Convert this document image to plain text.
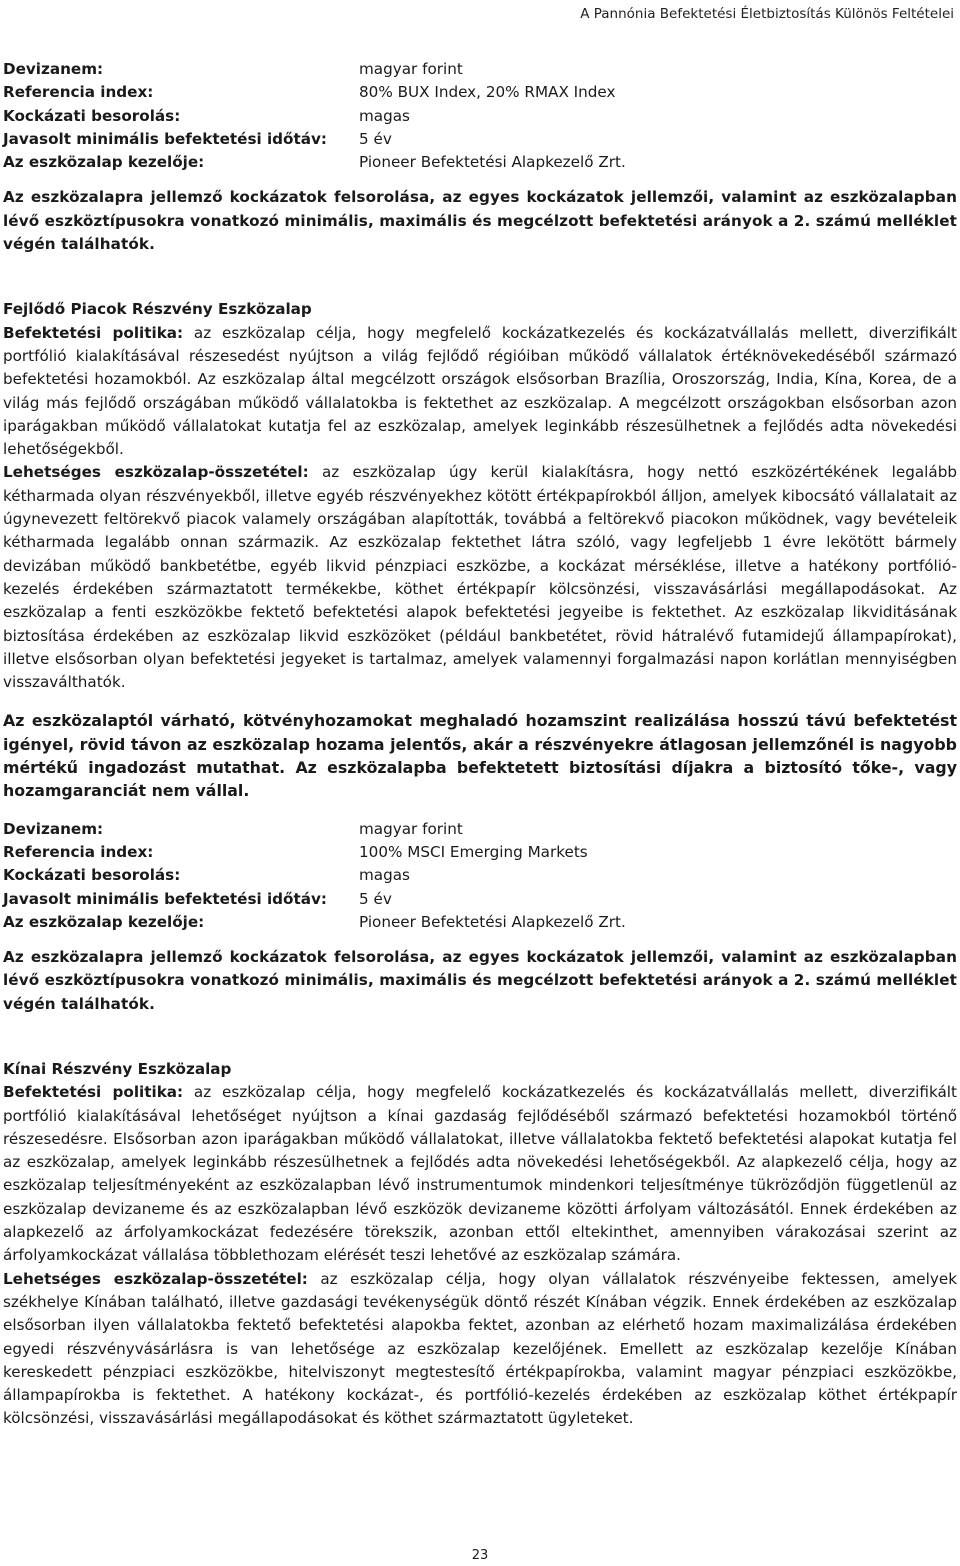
A Pannónia Befektetési Életbiztosítás Különös Feltételei
Devizanem:	magyar forint
Referencia index:	80% BUX Index, 20% RMAX Index
Kockázati besorolás:	magas
Javasolt minimális befektetési időtáv:	5 év
Az eszközalap kezelője:	Pioneer Befektetési Alapkezelő Zrt.
Az eszközalapra jellemző kockázatok felsorolása, az egyes kockázatok jellemzői, valamint az eszközalapban lévő eszköztípusokra vonatkozó minimális, maximális és megcélzott befektetési arányok a 2. számú melléklet végén találhatók.
Fejlődő Piacok Részvény Eszközalap

Befektetési politika: az eszközalap célja, hogy megfelelő kockázatkezelés és kockázatvállalás mellett, diverzifikált portfólió kialakításával részesedést nyújtson a világ fejlődő régióiban működő vállalatok értéknövekedéséből származó befektetési hozamokból. Az eszközalap által megcélzott országok elsősorban Brazília, Oroszország, India, Kína, Korea, de a világ más fejlődő országában működő vállalatokba is fektethet az eszközalap. A megcélzott országokban elsősorban azon iparágakban működő vállalatokat kutatja fel az eszközalap, amelyek leginkább részesülhetnek a fejlődés adta növekedési lehetőségekből.

Lehetséges eszközalap-összetétel: az eszközalap úgy kerül kialakításra, hogy nettó eszközértékének legalább kétharmada olyan részvényekből, illetve egyéb részvényekhez kötött értékpapírokból álljon, amelyek kibocsátó vállalatait az úgynevezett feltörekvő piacok valamely országában alapították, továbbá a feltörekvő piacokon működnek, vagy bevételeik kétharmada legalább onnan származik. Az eszközalap fektethet látra szóló, vagy legfeljebb 1 évre lekötött bármely devizában működő bankbetétbe, egyéb likvid pénzpiaci eszközbe, a kockázat mérséklése, illetve a hatékony portfólió-kezelés érdekében származtatott termékekbe, köthet értékpapír kölcsönzési, visszavásárlási megállapodásokat. Az eszközalap a fenti eszközökbe fektető befektetési alapok befektetési jegyeibe is fektethet. Az eszközalap likviditásának biztosítása érdekében az eszközalap likvid eszközöket (például bankbetétet, rövid hátralévő futamidejű állampapírokat), illetve elsősorban olyan befektetési jegyeket is tartalmaz, amelyek valamennyi forgalmazási napon korlátlan mennyiségben visszaválthatók.

Az eszközalaptól várható, kötvényhozamokat meghaladó hozamszint realizálása hosszú távú befektetést igényel, rövid távon az eszközalap hozama jelentős, akár a részvényekre átlagosan jellemzőnél is nagyobb mértékű ingadozást mutathat. Az eszközalapba befektetett biztosítási díjakra a biztosító tőke-, vagy hozamgaranciát nem vállal.
Devizanem:	magyar forint
Referencia index:	100% MSCI Emerging Markets
Kockázati besorolás:	magas
Javasolt minimális befektetési időtáv:	5 év
Az eszközalap kezelője:	Pioneer Befektetési Alapkezelő Zrt.
Az eszközalapra jellemző kockázatok felsorolása, az egyes kockázatok jellemzői, valamint az eszközalapban lévő eszköztípusokra vonatkozó minimális, maximális és megcélzott befektetési arányok a 2. számú melléklet végén találhatók.
Kínai Részvény Eszközalap

Befektetési politika: az eszközalap célja, hogy megfelelő kockázatkezelés és kockázatvállalás mellett, diverzifikált portfólió kialakításával lehetőséget nyújtson a kínai gazdaság fejlődéséből származó befektetési hozamokból történő részesedésre. Elsősorban azon iparágakban működő vállalatokat, illetve vállalatokba fektető befektetési alapokat kutatja fel az eszközalap, amelyek leginkább részesülhetnek a fejlődés adta növekedési lehetőségekből. Az alapkezelő célja, hogy az eszközalap teljesítményeként az eszközalapban lévő instrumentumok mindenkori teljesítménye tükröződjön függetlenül az eszközalap devizaneme és az eszközalapban lévő eszközök devizaneme közötti árfolyam változásától. Ennek érdekében az alapkezelő az árfolyamkockázat fedezésére törekszik, azonban ettől eltekinthet, amennyiben várakozásai szerint az árfolyamkockázat vállalása többlethozam elérését teszi lehetővé az eszközalap számára.

Lehetséges eszközalap-összetétel: az eszközalap célja, hogy olyan vállalatok részvényeibe fektessen, amelyek székhelye Kínában található, illetve gazdasági tevékenységük döntő részét Kínában végzik. Ennek érdekében az eszközalap elsősorban ilyen vállalatokba fektető befektetési alapokba fektet, azonban az elérhető hozam maximalizálása érdekében egyedi részvényvásárlásra is van lehetősége az eszközalap kezelőjének. Emellett az eszközalap kezelője Kínában kereskedett pénzpiaci eszközökbe, hitelviszonyt megtestesítő értékpapírokba, valamint magyar pénzpiaci eszközökbe, állampapírokba is fektethet. A hatékony kockázat-, és portfólió-kezelés érdekében az eszközalap köthet értékpapír kölcsönzési, visszavásárlási megállapodásokat és köthet származtatott ügyleteket.

23
